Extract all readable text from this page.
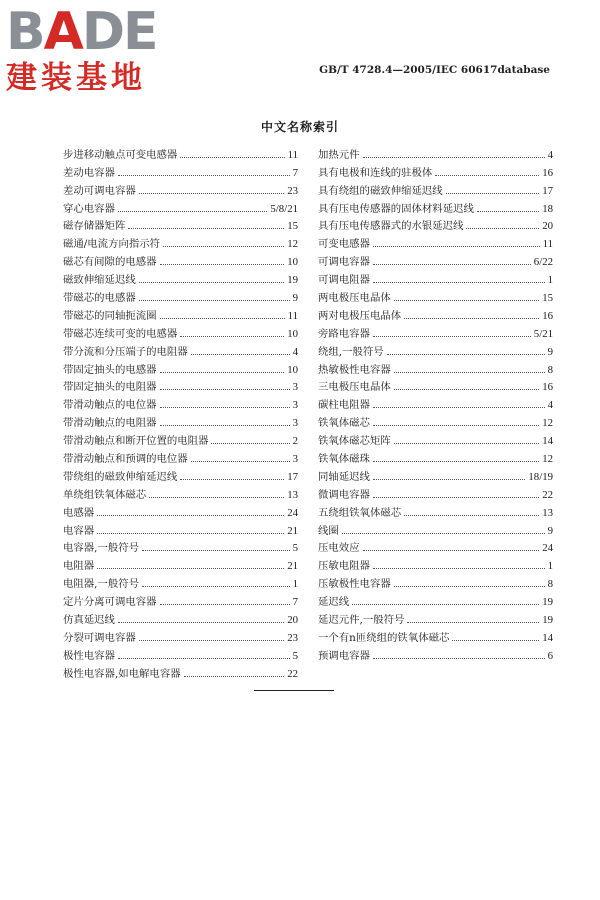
BADE
建装基地	GB/T 4728.4—2005/IEC 60617database
中文名称索引
步进移动触点可变电感器	11
差动电容器	7
差动可调电容器	23
穿心电容器	5/8/21
磁存储器矩阵	15
磁通/电流方向指示符	12
磁芯有间隙的电感器	10
磁致伸缩延迟线	19
带磁芯的电感器	9
带磁芯的同轴扼流圈	11
带磁芯连续可变的电感器	10
带分流和分压端子的电阻器	4
带固定抽头的电感器	10
带固定抽头的电阻器	3
带滑动触点的电位器	3
带滑动触点的电阻器	3
带滑动触点和断开位置的电阻器	2
带滑动触点和预调的电位器	3
带绕组的磁致伸缩延迟线	17
单绕组铁氧体磁芯	13
电感器	24
电容器	21
电容器,一般符号	5
电阻器	21
电阻器,一般符号	1
定片分离可调电容器	7
仿真延迟线	20
分裂可调电容器	23
极性电容器	5
极性电容器,如电解电容器	22
加热元件	4
具有电极和连线的驻极体	16
具有绕组的磁致伸缩延迟线	17
具有压电传感器的固体材料延迟线	18
具有压电传感器式的水银延迟线	20
可变电感器	11
可调电容器	6/22
可调电阻器	1
两电极压电晶体	15
两对电极压电晶体	16
旁路电容器	5/21
绕组,一般符号	9
热敏极性电容器	8
三电极压电晶体	16
碳柱电阻器	4
铁氧体磁芯	12
铁氧体磁芯矩阵	14
铁氧体磁珠	12
同轴延迟线	18/19
微调电容器	22
五绕组铁氧体磁芯	13
线圈	9
压电效应	24
压敏电阻器	1
压敏极性电容器	8
延迟线	19
延迟元件,一般符号	19
一个有n匝绕组的铁氧体磁芯	14
预调电容器	6
